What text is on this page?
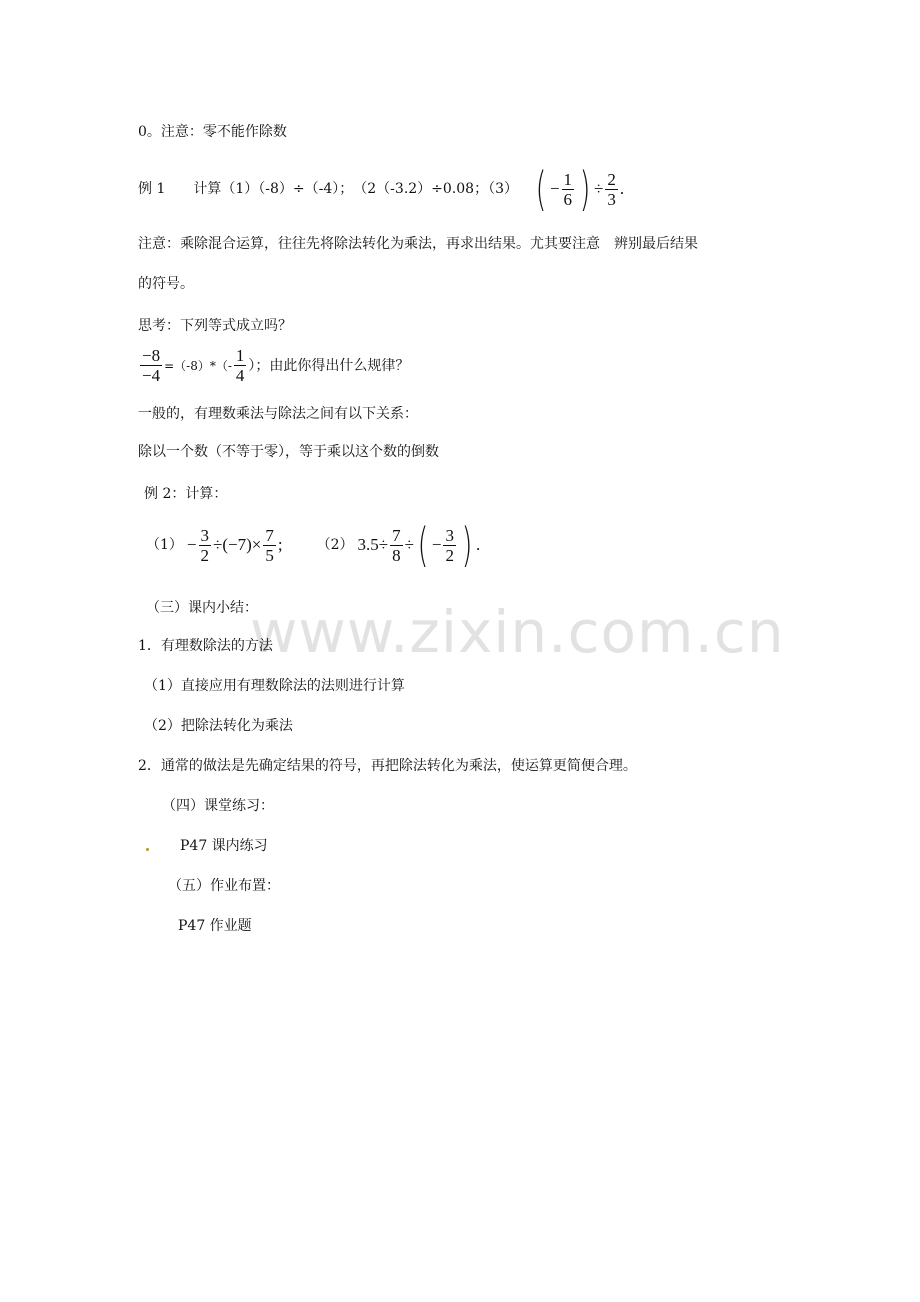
www.zixin.com.cn
0。注意：零不能作除数
例 1 计算（1）（-8）÷（-4）；　（2（-3.2）÷0.08；（3） ( − $\frac{1}{6}$ ) ÷ $\frac{2}{3}$ .
注意：乘除混合运算，往往先将除法转化为乘法，再求出结果。尤其要注意　辨别最后结果
的符号。
思考：下列等式成立吗？
$\frac{-8}{-4} =(-8)*(- \frac{1}{4}$ ）；由此你得出什么规律？
一般的，有理数乘法与除法之间有以下关系：
除以一个数（不等于零），等于乘以这个数的倒数
例 2：计算：
$(1) - \frac{3}{2} \div(-7)\times \frac{7}{5}$ ; （2） $3.5\div \frac{7}{8}$ ÷ ( − $\frac{3}{2}$ ) .
（三）课内小结：
1．有理数除法的方法
（1）直接应用有理数除法的法则进行计算
（2）把除法转化为乘法
2．通常的做法是先确定结果的符号，再把除法转化为乘法，使运算更简便合理。
（四）课堂练习：
P47 课内练习
（五）作业布置：
P47 作业题
